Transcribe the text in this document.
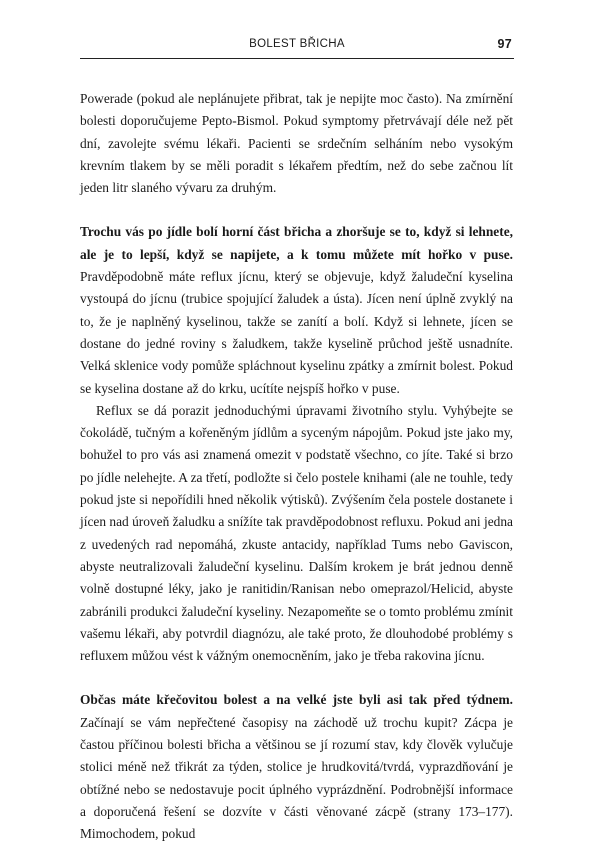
BOLEST BŘICHA	97

Powerade (pokud ale neplánujete přibrat, tak je nepijte moc často). Na zmírnění bolesti doporučujeme Pepto-Bismol. Pokud symptomy přetrvávají déle než pět dní, zavolejte svému lékaři. Pacienti se srdečním selháním nebo vysokým krevním tlakem by se měli poradit s lékařem předtím, než do sebe začnou lít jeden litr slaného vývaru za druhým.

Trochu vás po jídle bolí horní část břicha a zhoršuje se to, když si lehnete, ale je to lepší, když se napijete, a k tomu můžete mít hořko v puse. Pravděpodobně máte reflux jícnu, který se objevuje, když žaludeční kyselina vystoupá do jícnu (trubice spojující žaludek a ústa). Jícen není úplně zvyklý na to, že je naplněný kyselinou, takže se zanítí a bolí. Když si lehnete, jícen se dostane do jedné roviny s žaludkem, takže kyselině průchod ještě usnadníte. Velká sklenice vody pomůže spláchnout kyselinu zpátky a zmírnit bolest. Pokud se kyselina dostane až do krku, ucítíte nejspíš hořko v puse.

Reflux se dá porazit jednoduchými úpravami životního stylu. Vyhýbejte se čokoládě, tučným a kořeněným jídlům a syceným nápojům. Pokud jste jako my, bohužel to pro vás asi znamená omezit v podstatě všechno, co jíte. Také si brzo po jídle nelehejte. A za třetí, podložte si čelo postele knihami (ale ne touhle, tedy pokud jste si nepořídili hned několik výtisků). Zvýšením čela postele dostanete i jícen nad úroveň žaludku a snížíte tak pravděpodobnost refluxu. Pokud ani jedna z uvedených rad nepomáhá, zkuste antacidy, například Tums nebo Gaviscon, abyste neutralizovali žaludeční kyselinu. Dalším krokem je brát jednou denně volně dostupné léky, jako je ranitidin/Ranisan nebo omeprazol/Helicid, abyste zabránili produkci žaludeční kyseliny. Nezapomeňte se o tomto problému zmínit vašemu lékaři, aby potvrdil diagnózu, ale také proto, že dlouhodobé problémy s refluxem můžou vést k vážným onemocněním, jako je třeba rakovina jícnu.

Občas máte křečovitou bolest a na velké jste byli asi tak před týdnem. Začínají se vám nepřečtené časopisy na záchodě už trochu kupit? Zácpa je častou příčinou bolesti břicha a většinou se jí rozumí stav, kdy člověk vylučuje stolici méně než třikrát za týden, stolice je hrudkovitá/tvrdá, vyprazdňování je obtížné nebo se nedostavuje pocit úplného vyprázdnění. Podrobnější informace a doporučená řešení se dozvíte v části věnované zácpě (strany 173–177). Mimochodem, pokud
